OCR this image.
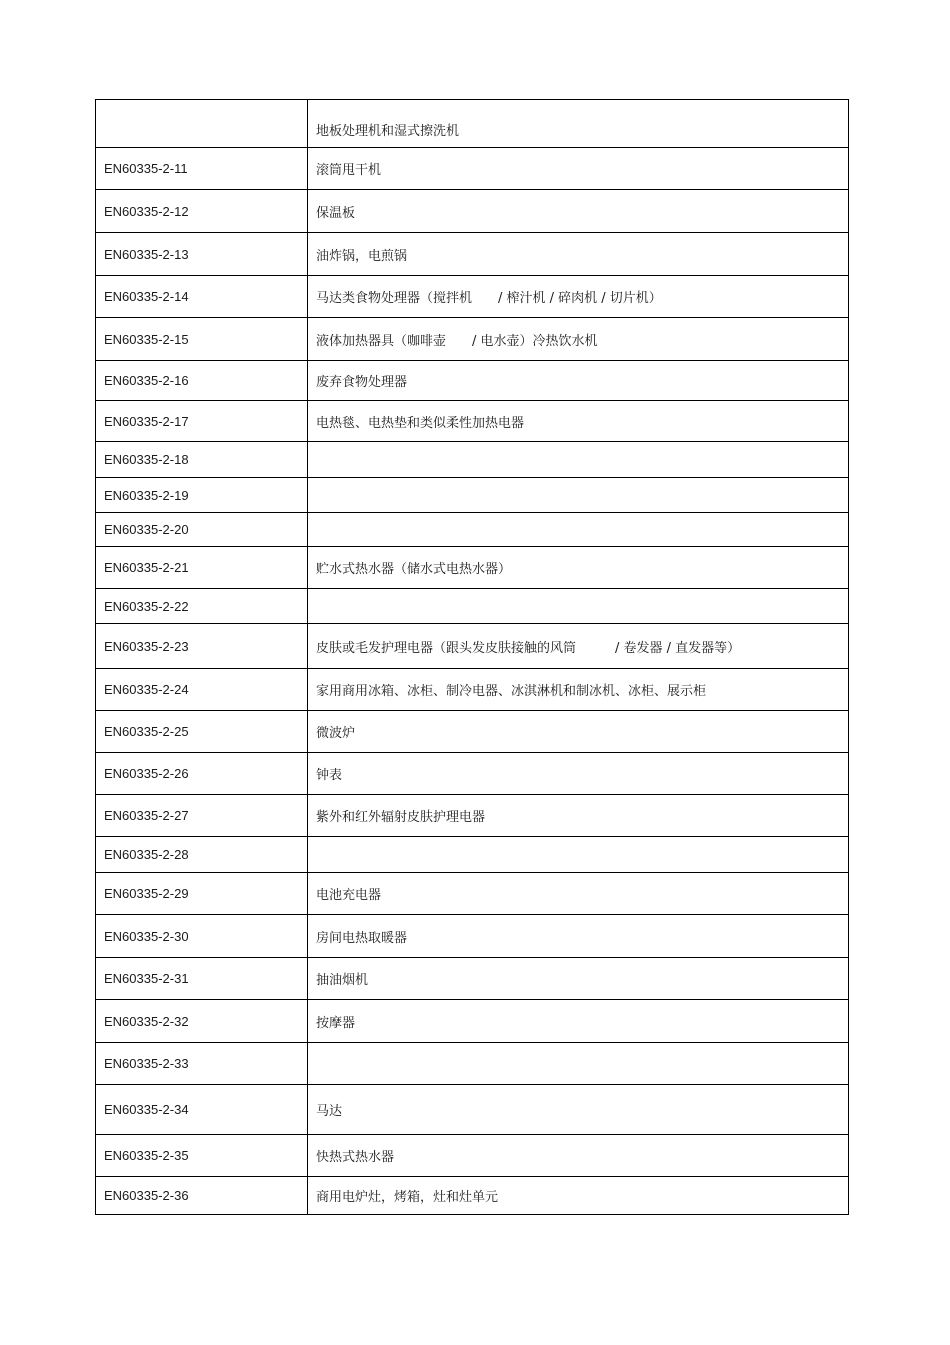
	地板处理机和湿式擦洗机
EN60335-2-11	滚筒甩干机
EN60335-2-12	保温板
EN60335-2-13	油炸锅，电煎锅
EN60335-2-14	马达类食物处理器（搅拌机　　/ 榨汁机 / 碎肉机 / 切片机）
EN60335-2-15	液体加热器具（咖啡壶　　/ 电水壶）冷热饮水机
EN60335-2-16	废弃食物处理器
EN60335-2-17	电热毯、电热垫和类似柔性加热电器
EN60335-2-18	
EN60335-2-19	
EN60335-2-20	
EN60335-2-21	贮水式热水器（储水式电热水器）
EN60335-2-22	
EN60335-2-23	皮肤或毛发护理电器（跟头发皮肤接触的风筒　　　/ 卷发器 / 直发器等）
EN60335-2-24	家用商用冰箱、冰柜、制冷电器、冰淇淋机和制冰机、冰柜、展示柜
EN60335-2-25	微波炉
EN60335-2-26	钟表
EN60335-2-27	紫外和红外辐射皮肤护理电器
EN60335-2-28	
EN60335-2-29	电池充电器
EN60335-2-30	房间电热取暖器
EN60335-2-31	抽油烟机
EN60335-2-32	按摩器
EN60335-2-33	
EN60335-2-34	马达
EN60335-2-35	快热式热水器
EN60335-2-36	商用电炉灶，烤箱，灶和灶单元
